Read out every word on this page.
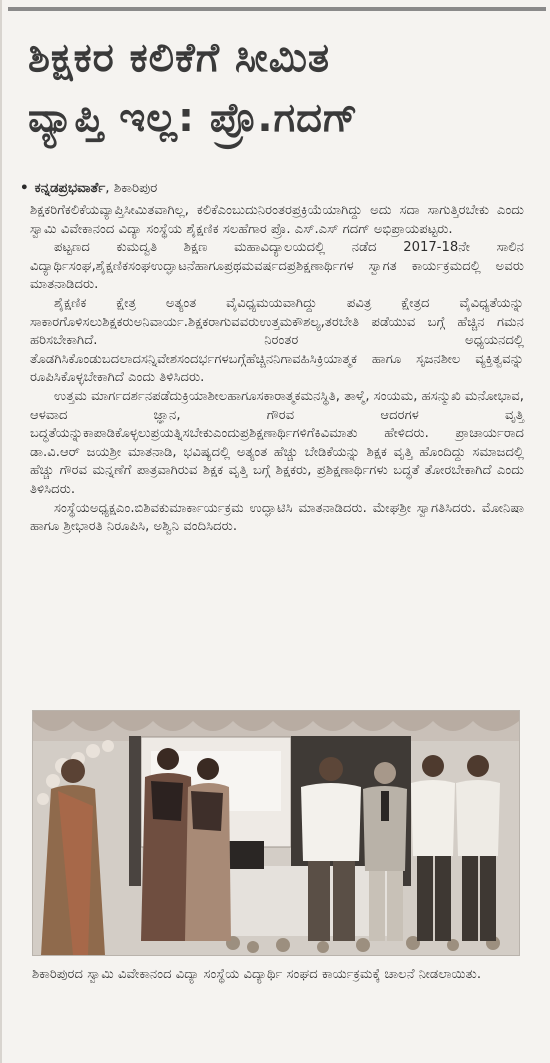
ಶಿಕ್ಷಕರ ಕಲಿಕೆಗೆ ಸೀಮಿತ
ವ್ಯಾಪ್ತಿ ಇಲ್ಲ: ಪ್ರೊ.ಗದಗ್
• ಕನ್ನಡಪ್ರಭವಾರ್ತೆ, ಶಿಕಾರಿಪುರ

ಶಿಕ್ಷಕರಿಗೆಕಲಿಕೆಯವ್ಯಾಪ್ತಿಸೀಮಿತವಾಗಿಲ್ಲ, ಕಲಿಕೆಎಂಬುದುನಿರಂತರಪ್ರಕ್ರಿಯೆಯಾಗಿದ್ದು ಅದು ಸದಾ ಸಾಗುತ್ತಿರಬೇಕು ಎಂದು ಸ್ವಾಮಿ ವಿವೇಕಾನಂದ ವಿದ್ಯಾ ಸಂಸ್ಥೆಯ ಶೈಕ್ಷಣಿಕ ಸಲಹೆಗಾರ ಪ್ರೊ. ಎಸ್.ಎಸ್ ಗದಗ್ ಅಭಿಪ್ರಾಯಪಟ್ಟರು.

ಪಟ್ಟಣದ ಕುಮದ್ವತಿ ಶಿಕ್ಷಣ ಮಹಾವಿದ್ಯಾಲಯದಲ್ಲಿ ನಡೆದ 2017-18ನೇ ಸಾಲಿನ ವಿದ್ಯಾರ್ಥಿಸಂಘ,ಶೈಕ್ಷಣಿಕಸಂಘಉದ್ಘಾಟನೆಹಾಗೂಪ್ರಥಮವರ್ಷದಪ್ರಶಿಕ್ಷಣಾರ್ಥಿಗಳ ಸ್ವಾಗತ ಕಾರ್ಯಕ್ರಮದಲ್ಲಿ ಅವರು ಮಾತನಾಡಿದರು.

ಶೈಕ್ಷಣಿಕ ಕ್ಷೇತ್ರ ಅತ್ಯಂತ ವೈವಿಧ್ಯಮಯವಾಗಿದ್ದು ಪವಿತ್ರ ಕ್ಷೇತ್ರದ ವೈವಿಧ್ಯತೆಯನ್ನು ಸಾಕಾರಗೊಳಿಸಲುಶಿಕ್ಷಕರುಅನಿವಾರ್ಯ.ಶಿಕ್ಷಕರಾಗುವವರುಉತ್ತಮಕೌಶಲ್ಯ,ತರಬೇತಿ ಪಡೆಯುವ ಬಗ್ಗೆ ಹೆಚ್ಚಿನ ಗಮನ ಹರಿಸಬೇಕಾಗಿದೆ. ನಿರಂತರ ಅಧ್ಯಯನದಲ್ಲಿ ತೊಡಗಿಸಿಕೊಂಡುಬದಲಾದಸನ್ನಿವೇಶಸಂದರ್ಭಗಳಬಗ್ಗೆಹೆಚ್ಚಿನನಿಗಾವಹಿಸಿಕ್ರಿಯಾತ್ಮಕ ಹಾಗೂ ಸೃಜನಶೀಲ ವ್ಯಕ್ತಿತ್ವವನ್ನು ರೂಪಿಸಿಕೊಳ್ಳಬೇಕಾಗಿದೆ ಎಂದು ತಿಳಿಸಿದರು.

ಉತ್ತಮ ಮಾರ್ಗದರ್ಶನಪಡೆದುಕ್ರಿಯಾಶೀಲಹಾಗೂಸಕಾರಾತ್ಮಕಮನಸ್ಥಿತಿ, ತಾಳ್ಮೆ, ಸಂಯಮ, ಹಸನ್ಮುಖಿ ಮನೋಭಾವ, ಆಳವಾದ ಜ್ಞಾನ, ಗೌರವ ಆದರಗಳ ವೃತ್ತಿ ಬದ್ಧತೆಯನ್ನುಕಾಪಾಡಿಕೊಳ್ಳಲುಪ್ರಯತ್ನಿಸಬೇಕುಎಂದುಪ್ರಶಿಕ್ಷಣಾರ್ಥಿಗಳಿಗೆಕಿವಿಮಾತು ಹೇಳಿದರು. ಪ್ರಾಚಾರ್ಯರಾದ ಡಾ.ವಿ.ಆರ್ ಜಯಶ್ರೀ ಮಾತನಾಡಿ, ಭವಿಷ್ಯದಲ್ಲಿ ಅತ್ಯಂತ ಹೆಚ್ಚು ಬೇಡಿಕೆಯನ್ನು ಶಿಕ್ಷಕ ವೃತ್ತಿ ಹೊಂದಿದ್ದು ಸಮಾಜದಲ್ಲಿ ಹೆಚ್ಚು ಗೌರವ ಮನ್ನಣೆಗೆ ಪಾತ್ರವಾಗಿರುವ ಶಿಕ್ಷಕ ವೃತ್ತಿ ಬಗ್ಗೆ ಶಿಕ್ಷಕರು, ಪ್ರಶಿಕ್ಷಣಾರ್ಥಿಗಳು ಬದ್ಧತೆ ತೋರಬೇಕಾಗಿದೆ ಎಂದು ತಿಳಿಸಿದರು.

ಸಂಸ್ಥೆಯಅಧ್ಯಕ್ಷಎಂ.ಬಿಶಿವಕುಮಾರ್ಕಾರ್ಯಕ್ರಮ ಉದ್ಘಾಟಿಸಿ ಮಾತನಾಡಿದರು. ಮೇಘಶ್ರೀ ಸ್ವಾಗತಿಸಿದರು. ಮೋನಿಷಾ ಹಾಗೂ ಶ್ರೀಭಾರತಿ ನಿರೂಪಿಸಿ, ಅಶ್ವಿನಿ ವಂದಿಸಿದರು.

ಶಿಕಾರಿಪುರದ ಸ್ವಾಮಿ ವಿವೇಕಾನಂದ ವಿದ್ಯಾ ಸಂಸ್ಥೆಯ ವಿದ್ಯಾರ್ಥಿ ಸಂಘದ ಕಾರ್ಯಕ್ರಮಕ್ಕೆ ಚಾಲನೆ ನೀಡಲಾಯಿತು.
